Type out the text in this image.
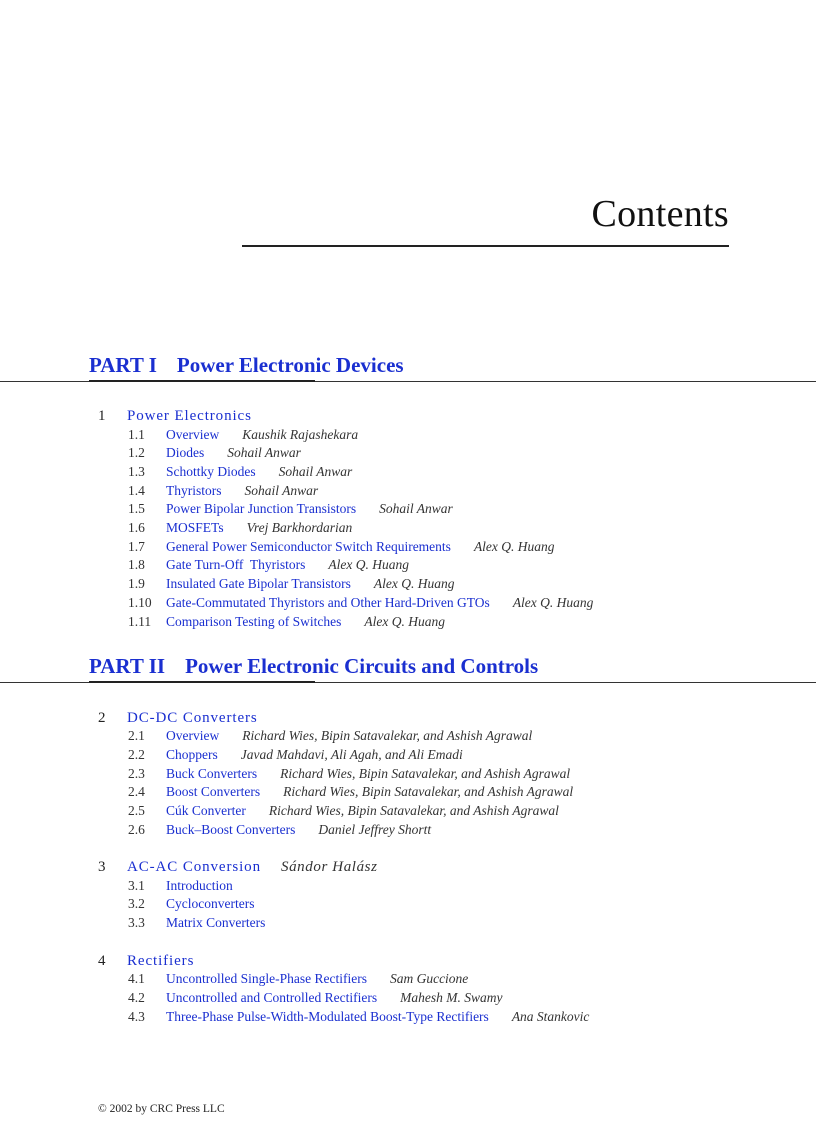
Contents
PART I Power Electronic Devices
1 Power Electronics
1.1 Overview Kaushik Rajashekara
1.2 Diodes Sohail Anwar
1.3 Schottky Diodes Sohail Anwar
1.4 Thyristors Sohail Anwar
1.5 Power Bipolar Junction Transistors Sohail Anwar
1.6 MOSFETs Vrej Barkhordarian
1.7 General Power Semiconductor Switch Requirements Alex Q. Huang
1.8 Gate Turn-Off  Thyristors Alex Q. Huang
1.9 Insulated Gate Bipolar Transistors Alex Q. Huang
1.10 Gate-Commutated Thyristors and Other Hard-Driven GTOs Alex Q. Huang
1.11 Comparison Testing of Switches Alex Q. Huang
PART II Power Electronic Circuits and Controls
2 DC-DC Converters
2.1 Overview Richard Wies, Bipin Satavalekar, and Ashish Agrawal
2.2 Choppers Javad Mahdavi, Ali Agah, and Ali Emadi
2.3 Buck Converters Richard Wies, Bipin Satavalekar, and Ashish Agrawal
2.4 Boost Converters Richard Wies, Bipin Satavalekar, and Ashish Agrawal
2.5 Cúk Converter Richard Wies, Bipin Satavalekar, and Ashish Agrawal
2.6 Buck–Boost Converters Daniel Jeffrey Shortt
3 AC-AC Conversion Sándor Halász
3.1 Introduction
3.2 Cycloconverters
3.3 Matrix Converters
4 Rectifiers
4.1 Uncontrolled Single-Phase Rectifiers Sam Guccione
4.2 Uncontrolled and Controlled Rectifiers Mahesh M. Swamy
4.3 Three-Phase Pulse-Width-Modulated Boost-Type Rectifiers Ana Stankovic
© 2002 by CRC Press LLC
